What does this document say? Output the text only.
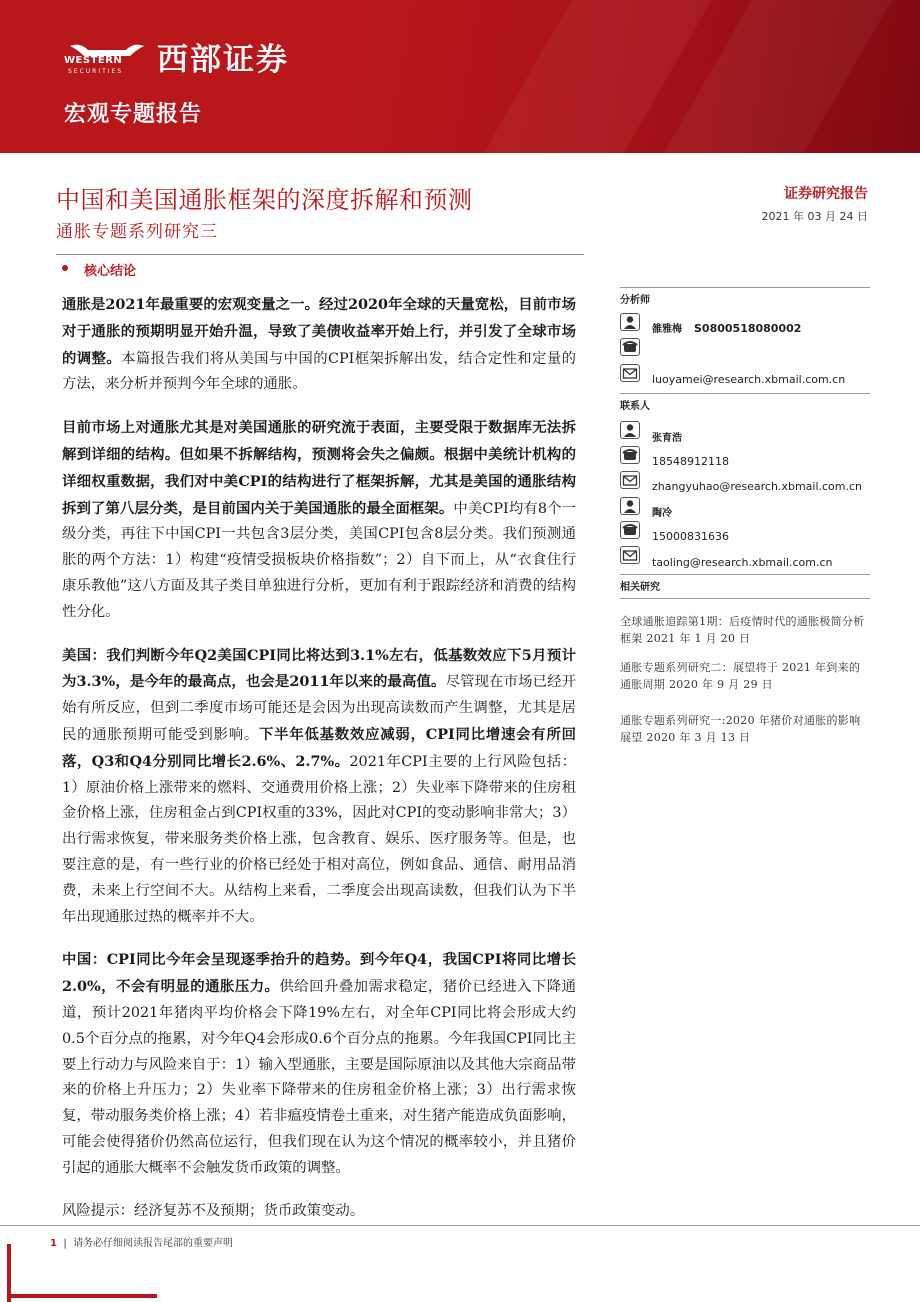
WESTERN
SECURITIES 西部证券
宏观专题报告
中国和美国通胀框架的深度拆解和预测
通胀专题系列研究三
证券研究报告
2021 年 03 月 24 日
核心结论

通胀是2021年最重要的宏观变量之一。经过2020年全球的天量宽松，目前市场对于通胀的预期明显开始升温，导致了美债收益率开始上行，并引发了全球市场的调整。本篇报告我们将从美国与中国的CPI框架拆解出发，结合定性和定量的方法，来分析并预判今年全球的通胀。

目前市场上对通胀尤其是对美国通胀的研究流于表面，主要受限于数据库无法拆解到详细的结构。但如果不拆解结构，预测将会失之偏颇。根据中美统计机构的详细权重数据，我们对中美CPI的结构进行了框架拆解，尤其是美国的通胀结构拆到了第八层分类，是目前国内关于美国通胀的最全面框架。中美CPI均有8个一级分类，再往下中国CPI一共包含3层分类，美国CPI包含8层分类。我们预测通胀的两个方法：1）构建“疫情受损板块价格指数”；2）自下而上，从“衣食住行康乐教他”这八方面及其子类目单独进行分析，更加有利于跟踪经济和消费的结构性分化。

美国：我们判断今年Q2美国CPI同比将达到3.1%左右，低基数效应下5月预计为3.3%，是今年的最高点，也会是2011年以来的最高值。尽管现在市场已经开始有所反应，但到二季度市场可能还是会因为出现高读数而产生调整，尤其是居民的通胀预期可能受到影响。下半年低基数效应减弱，CPI同比增速会有所回落，Q3和Q4分别同比增长2.6%、2.7%。2021年CPI主要的上行风险包括：1）原油价格上涨带来的燃料、交通费用价格上涨；2）失业率下降带来的住房租金价格上涨，住房租金占到CPI权重的33%，因此对CPI的变动影响非常大；3）出行需求恢复，带来服务类价格上涨，包含教育、娱乐、医疗服务等。但是，也要注意的是，有一些行业的价格已经处于相对高位，例如食品、通信、耐用品消费，未来上行空间不大。从结构上来看，二季度会出现高读数，但我们认为下半年出现通胀过热的概率并不大。

中国：CPI同比今年会呈现逐季抬升的趋势。到今年Q4，我国CPI将同比增长2.0%，不会有明显的通胀压力。供给回升叠加需求稳定，猪价已经进入下降通道，预计2021年猪肉平均价格会下降19%左右，对全年CPI同比将会形成大约0.5个百分点的拖累，对今年Q4会形成0.6个百分点的拖累。今年我国CPI同比主要上行动力与风险来自于：1）输入型通胀，主要是国际原油以及其他大宗商品带来的价格上升压力；2）失业率下降带来的住房租金价格上涨；3）出行需求恢复，带动服务类价格上涨；4）若非瘟疫情卷土重来，对生猪产能造成负面影响，可能会使得猪价仍然高位运行，但我们现在认为这个情况的概率较小，并且猪价引起的通胀大概率不会触发货币政策的调整。

风险提示：经济复苏不及预期；货币政策变动。

分析师
雒雅梅 S0800518080002
luoyamei@research.xbmail.com.cn
联系人
张育浩
18548912118
zhangyuhao@research.xbmail.com.cn
陶冷
15000831636
taoling@research.xbmail.com.cn
相关研究
全球通胀追踪第1期：后疫情时代的通胀极简分析框架 2021 年 1 月 20 日
通胀专题系列研究二：展望将于 2021 年到来的通胀周期 2020 年 9 月 29 日
通胀专题系列研究一:2020 年猪价对通胀的影响展望 2020 年 3 月 13 日
1  |  请务必仔细阅读报告尾部的重要声明
